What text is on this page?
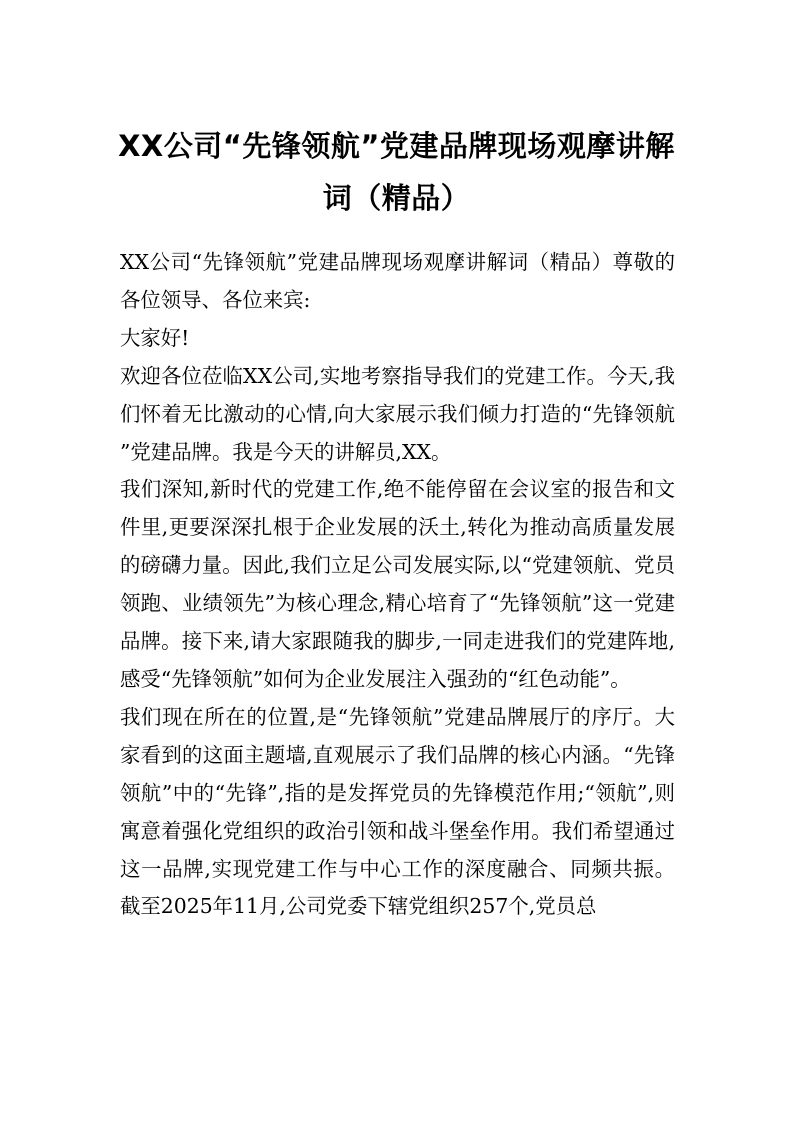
XX公司“先锋领航”党建品牌现场观摩讲解词（精品）

XX公司“先锋领航”党建品牌现场观摩讲解词（精品）尊敬的各位领导、各位来宾:

大家好!

欢迎各位莅临XX公司,实地考察指导我们的党建工作。今天,我们怀着无比激动的心情,向大家展示我们倾力打造的“先锋领航”党建品牌。我是今天的讲解员,XX。

我们深知,新时代的党建工作,绝不能停留在会议室的报告和文件里,更要深深扎根于企业发展的沃土,转化为推动高质量发展的磅礴力量。因此,我们立足公司发展实际,以“党建领航、党员领跑、业绩领先”为核心理念,精心培育了“先锋领航”这一党建品牌。接下来,请大家跟随我的脚步,一同走进我们的党建阵地,感受“先锋领航”如何为企业发展注入强劲的“红色动能”。

我们现在所在的位置,是“先锋领航”党建品牌展厅的序厅。大家看到的这面主题墙,直观展示了我们品牌的核心内涵。“先锋领航”中的“先锋”,指的是发挥党员的先锋模范作用;“领航”,则寓意着强化党组织的政治引领和战斗堡垒作用。我们希望通过这一品牌,实现党建工作与中心工作的深度融合、同频共振。截至2025年11月,公司党委下辖党组织257个,党员总
